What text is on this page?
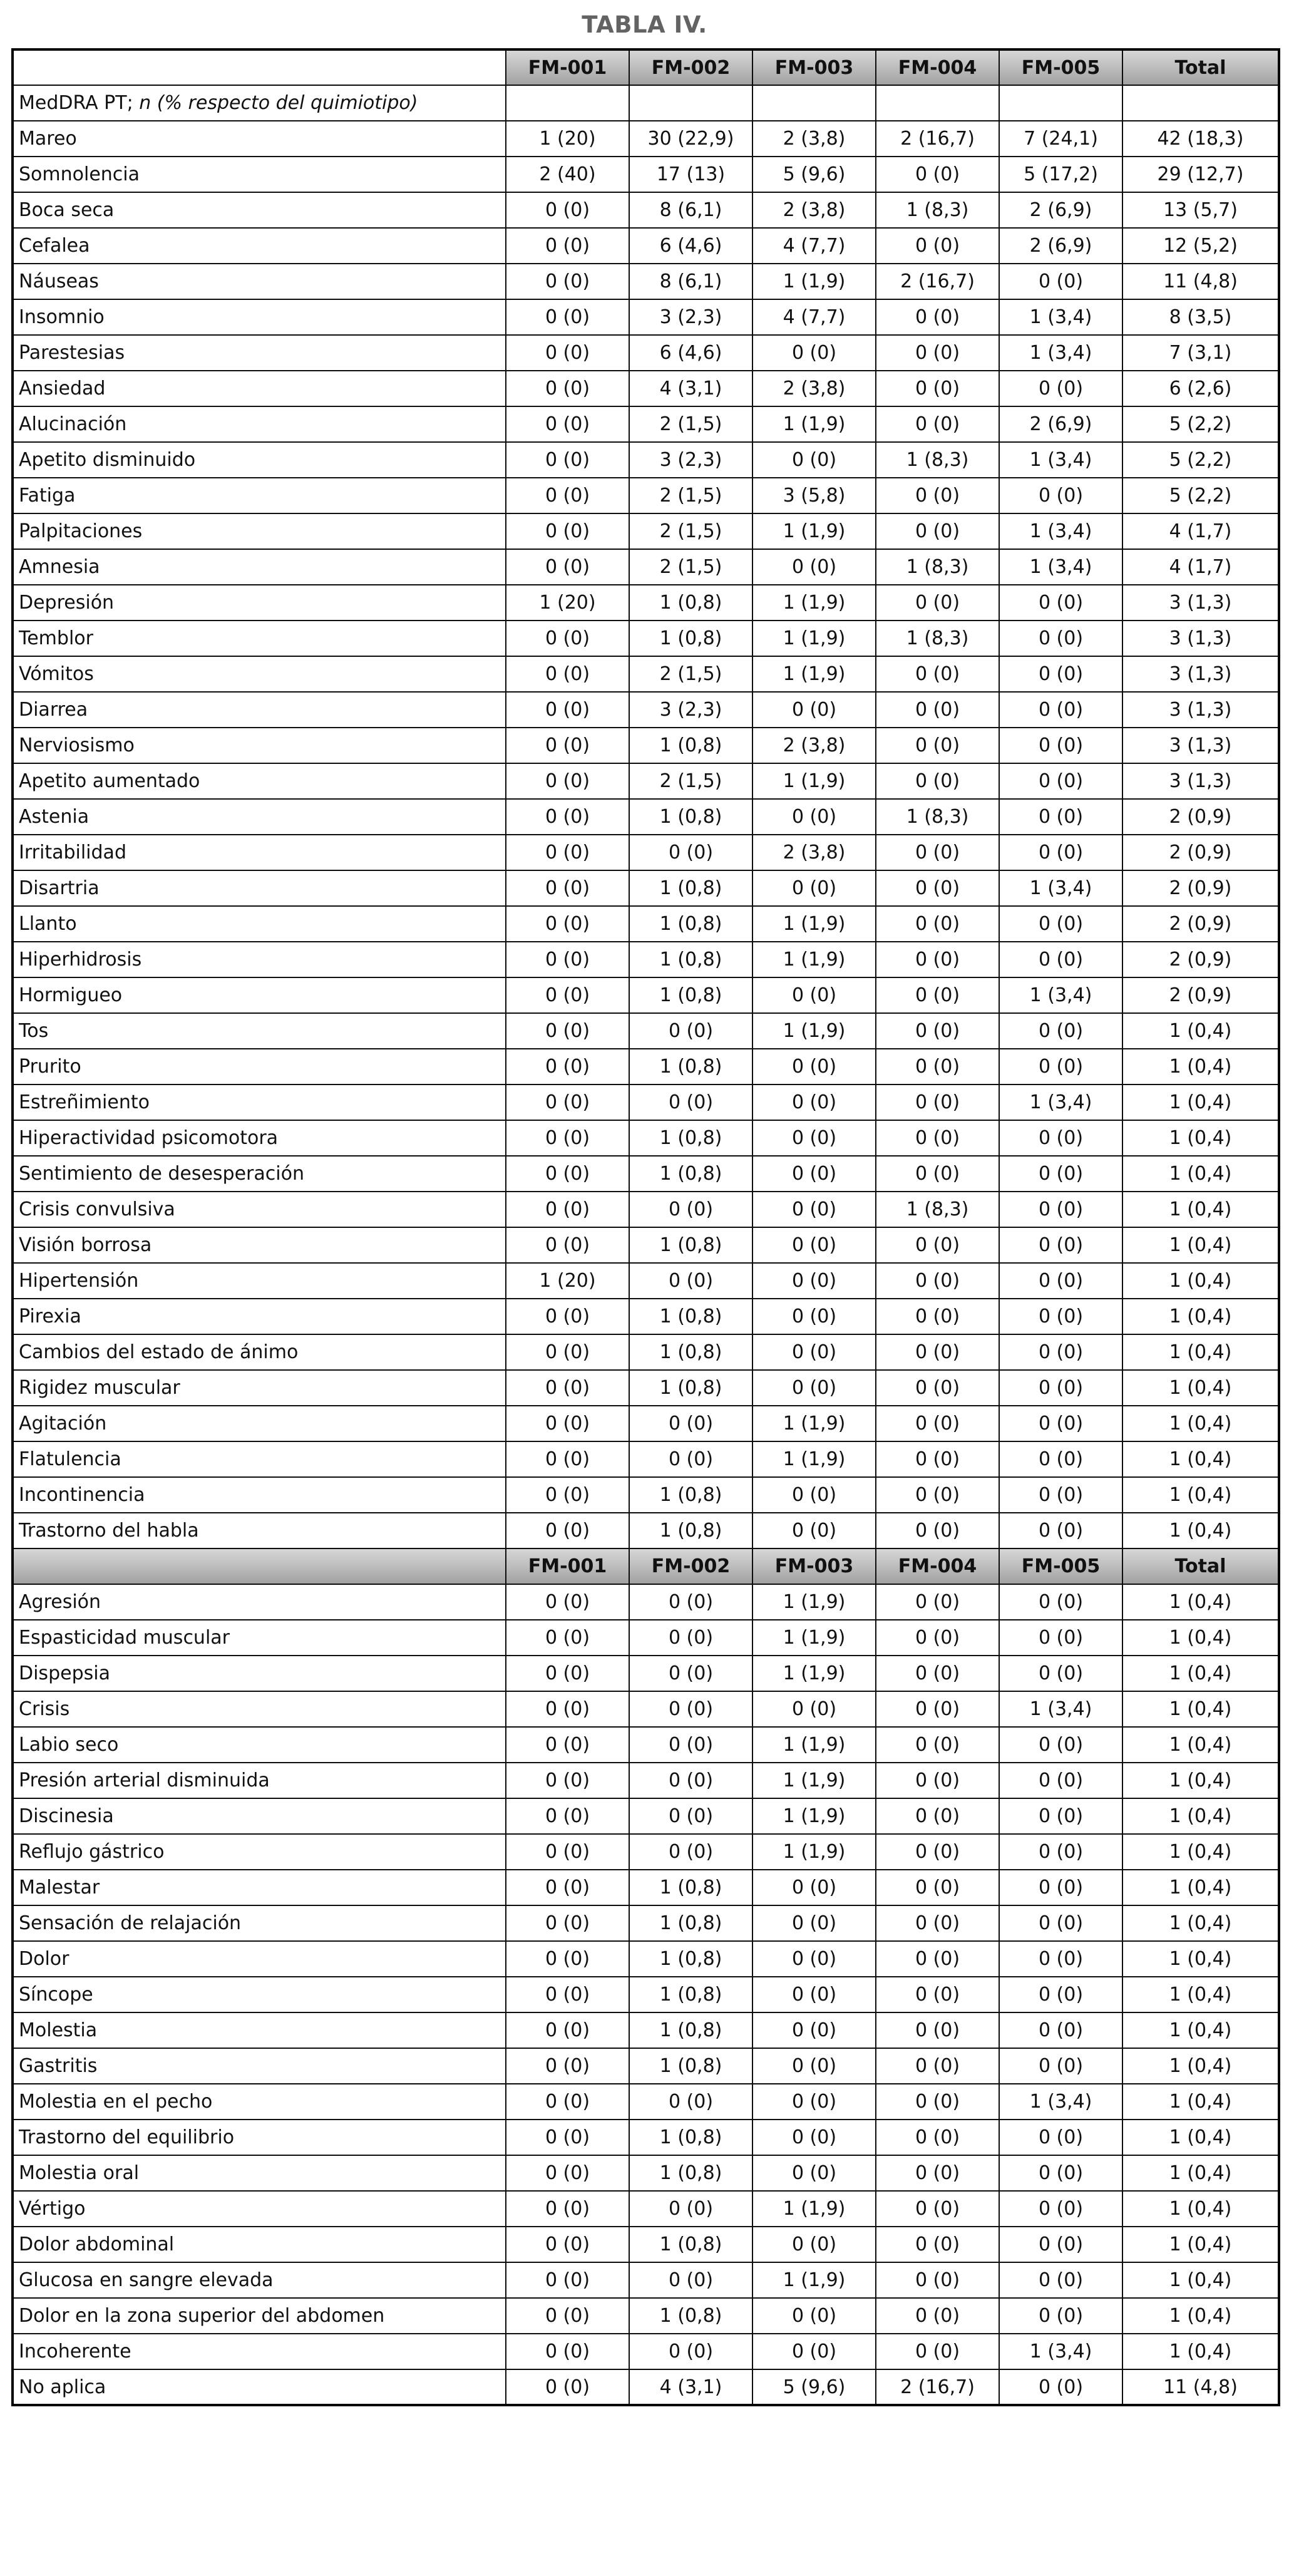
TABLA IV.
	FM-001	FM-002	FM-003	FM-004	FM-005	Total
MedDRA PT; n (% respecto del quimiotipo)						
Mareo	1 (20)	30 (22,9)	2 (3,8)	2 (16,7)	7 (24,1)	42 (18,3)
Somnolencia	2 (40)	17 (13)	5 (9,6)	0 (0)	5 (17,2)	29 (12,7)
Boca seca	0 (0)	8 (6,1)	2 (3,8)	1 (8,3)	2 (6,9)	13 (5,7)
Cefalea	0 (0)	6 (4,6)	4 (7,7)	0 (0)	2 (6,9)	12 (5,2)
Náuseas	0 (0)	8 (6,1)	1 (1,9)	2 (16,7)	0 (0)	11 (4,8)
Insomnio	0 (0)	3 (2,3)	4 (7,7)	0 (0)	1 (3,4)	8 (3,5)
Parestesias	0 (0)	6 (4,6)	0 (0)	0 (0)	1 (3,4)	7 (3,1)
Ansiedad	0 (0)	4 (3,1)	2 (3,8)	0 (0)	0 (0)	6 (2,6)
Alucinación	0 (0)	2 (1,5)	1 (1,9)	0 (0)	2 (6,9)	5 (2,2)
Apetito disminuido	0 (0)	3 (2,3)	0 (0)	1 (8,3)	1 (3,4)	5 (2,2)
Fatiga	0 (0)	2 (1,5)	3 (5,8)	0 (0)	0 (0)	5 (2,2)
Palpitaciones	0 (0)	2 (1,5)	1 (1,9)	0 (0)	1 (3,4)	4 (1,7)
Amnesia	0 (0)	2 (1,5)	0 (0)	1 (8,3)	1 (3,4)	4 (1,7)
Depresión	1 (20)	1 (0,8)	1 (1,9)	0 (0)	0 (0)	3 (1,3)
Temblor	0 (0)	1 (0,8)	1 (1,9)	1 (8,3)	0 (0)	3 (1,3)
Vómitos	0 (0)	2 (1,5)	1 (1,9)	0 (0)	0 (0)	3 (1,3)
Diarrea	0 (0)	3 (2,3)	0 (0)	0 (0)	0 (0)	3 (1,3)
Nerviosismo	0 (0)	1 (0,8)	2 (3,8)	0 (0)	0 (0)	3 (1,3)
Apetito aumentado	0 (0)	2 (1,5)	1 (1,9)	0 (0)	0 (0)	3 (1,3)
Astenia	0 (0)	1 (0,8)	0 (0)	1 (8,3)	0 (0)	2 (0,9)
Irritabilidad	0 (0)	0 (0)	2 (3,8)	0 (0)	0 (0)	2 (0,9)
Disartria	0 (0)	1 (0,8)	0 (0)	0 (0)	1 (3,4)	2 (0,9)
Llanto	0 (0)	1 (0,8)	1 (1,9)	0 (0)	0 (0)	2 (0,9)
Hiperhidrosis	0 (0)	1 (0,8)	1 (1,9)	0 (0)	0 (0)	2 (0,9)
Hormigueo	0 (0)	1 (0,8)	0 (0)	0 (0)	1 (3,4)	2 (0,9)
Tos	0 (0)	0 (0)	1 (1,9)	0 (0)	0 (0)	1 (0,4)
Prurito	0 (0)	1 (0,8)	0 (0)	0 (0)	0 (0)	1 (0,4)
Estreñimiento	0 (0)	0 (0)	0 (0)	0 (0)	1 (3,4)	1 (0,4)
Hiperactividad psicomotora	0 (0)	1 (0,8)	0 (0)	0 (0)	0 (0)	1 (0,4)
Sentimiento de desesperación	0 (0)	1 (0,8)	0 (0)	0 (0)	0 (0)	1 (0,4)
Crisis convulsiva	0 (0)	0 (0)	0 (0)	1 (8,3)	0 (0)	1 (0,4)
Visión borrosa	0 (0)	1 (0,8)	0 (0)	0 (0)	0 (0)	1 (0,4)
Hipertensión	1 (20)	0 (0)	0 (0)	0 (0)	0 (0)	1 (0,4)
Pirexia	0 (0)	1 (0,8)	0 (0)	0 (0)	0 (0)	1 (0,4)
Cambios del estado de ánimo	0 (0)	1 (0,8)	0 (0)	0 (0)	0 (0)	1 (0,4)
Rigidez muscular	0 (0)	1 (0,8)	0 (0)	0 (0)	0 (0)	1 (0,4)
Agitación	0 (0)	0 (0)	1 (1,9)	0 (0)	0 (0)	1 (0,4)
Flatulencia	0 (0)	0 (0)	1 (1,9)	0 (0)	0 (0)	1 (0,4)
Incontinencia	0 (0)	1 (0,8)	0 (0)	0 (0)	0 (0)	1 (0,4)
Trastorno del habla	0 (0)	1 (0,8)	0 (0)	0 (0)	0 (0)	1 (0,4)
	FM-001	FM-002	FM-003	FM-004	FM-005	Total
Agresión	0 (0)	0 (0)	1 (1,9)	0 (0)	0 (0)	1 (0,4)
Espasticidad muscular	0 (0)	0 (0)	1 (1,9)	0 (0)	0 (0)	1 (0,4)
Dispepsia	0 (0)	0 (0)	1 (1,9)	0 (0)	0 (0)	1 (0,4)
Crisis	0 (0)	0 (0)	0 (0)	0 (0)	1 (3,4)	1 (0,4)
Labio seco	0 (0)	0 (0)	1 (1,9)	0 (0)	0 (0)	1 (0,4)
Presión arterial disminuida	0 (0)	0 (0)	1 (1,9)	0 (0)	0 (0)	1 (0,4)
Discinesia	0 (0)	0 (0)	1 (1,9)	0 (0)	0 (0)	1 (0,4)
Reflujo gástrico	0 (0)	0 (0)	1 (1,9)	0 (0)	0 (0)	1 (0,4)
Malestar	0 (0)	1 (0,8)	0 (0)	0 (0)	0 (0)	1 (0,4)
Sensación de relajación	0 (0)	1 (0,8)	0 (0)	0 (0)	0 (0)	1 (0,4)
Dolor	0 (0)	1 (0,8)	0 (0)	0 (0)	0 (0)	1 (0,4)
Síncope	0 (0)	1 (0,8)	0 (0)	0 (0)	0 (0)	1 (0,4)
Molestia	0 (0)	1 (0,8)	0 (0)	0 (0)	0 (0)	1 (0,4)
Gastritis	0 (0)	1 (0,8)	0 (0)	0 (0)	0 (0)	1 (0,4)
Molestia en el pecho	0 (0)	0 (0)	0 (0)	0 (0)	1 (3,4)	1 (0,4)
Trastorno del equilibrio	0 (0)	1 (0,8)	0 (0)	0 (0)	0 (0)	1 (0,4)
Molestia oral	0 (0)	1 (0,8)	0 (0)	0 (0)	0 (0)	1 (0,4)
Vértigo	0 (0)	0 (0)	1 (1,9)	0 (0)	0 (0)	1 (0,4)
Dolor abdominal	0 (0)	1 (0,8)	0 (0)	0 (0)	0 (0)	1 (0,4)
Glucosa en sangre elevada	0 (0)	0 (0)	1 (1,9)	0 (0)	0 (0)	1 (0,4)
Dolor en la zona superior del abdomen	0 (0)	1 (0,8)	0 (0)	0 (0)	0 (0)	1 (0,4)
Incoherente	0 (0)	0 (0)	0 (0)	0 (0)	1 (3,4)	1 (0,4)
No aplica	0 (0)	4 (3,1)	5 (9,6)	2 (16,7)	0 (0)	11 (4,8)
